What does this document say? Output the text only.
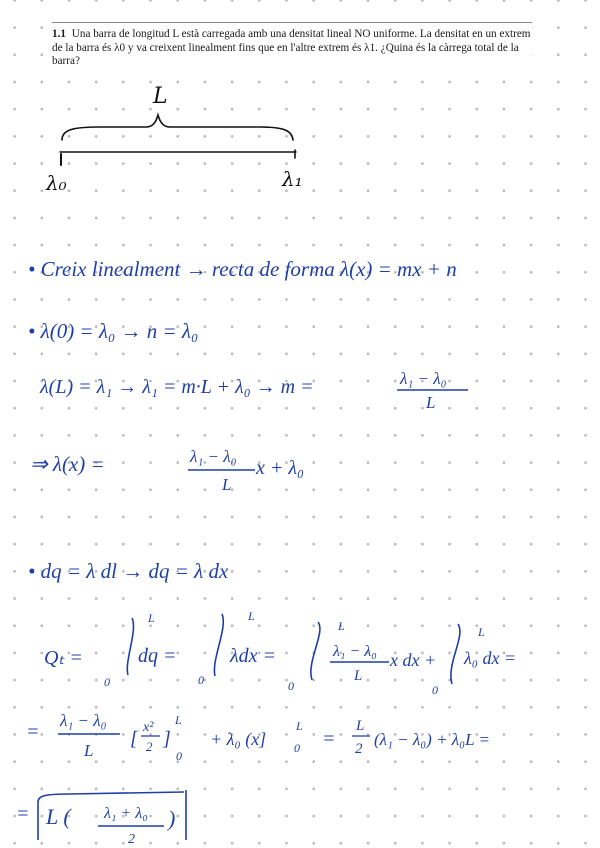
1.1 Una barra de longitud L està carregada amb una densitat lineal NO uniforme. La densitat en un extrem de la barra és λ0 y va creixent linealment fins que en l'altre extrem és λ1. ¿Quina és la càrrega total de la barra?
L
λ₀	λ₁
• Creix linealment → recta de forma λ(x) = mx + n
• λ(0) = λ₀ → n = λ₀
λ(L) = λ₁ → λ₁ = m·L + λ₀ → m =	λ₁ − λ₀
L
⇒ λ(x) =	λ₁ − λ₀
L
x + λ₀
• dq = λ dl → dq = λ dx
Qₜ =
L
0
dq =
L
0
λdx =
L
0
λ₁ − λ₀
L
x dx +
L
0
λ₀ dx =
=
λ₁ − λ₀
L
[
x²
2 ]
L
0
+ λ₀ (x]
L
0 =
L
2 (λ₁ − λ₀) + λ₀L =
= L ( λ₁ + λ₀
2
)
